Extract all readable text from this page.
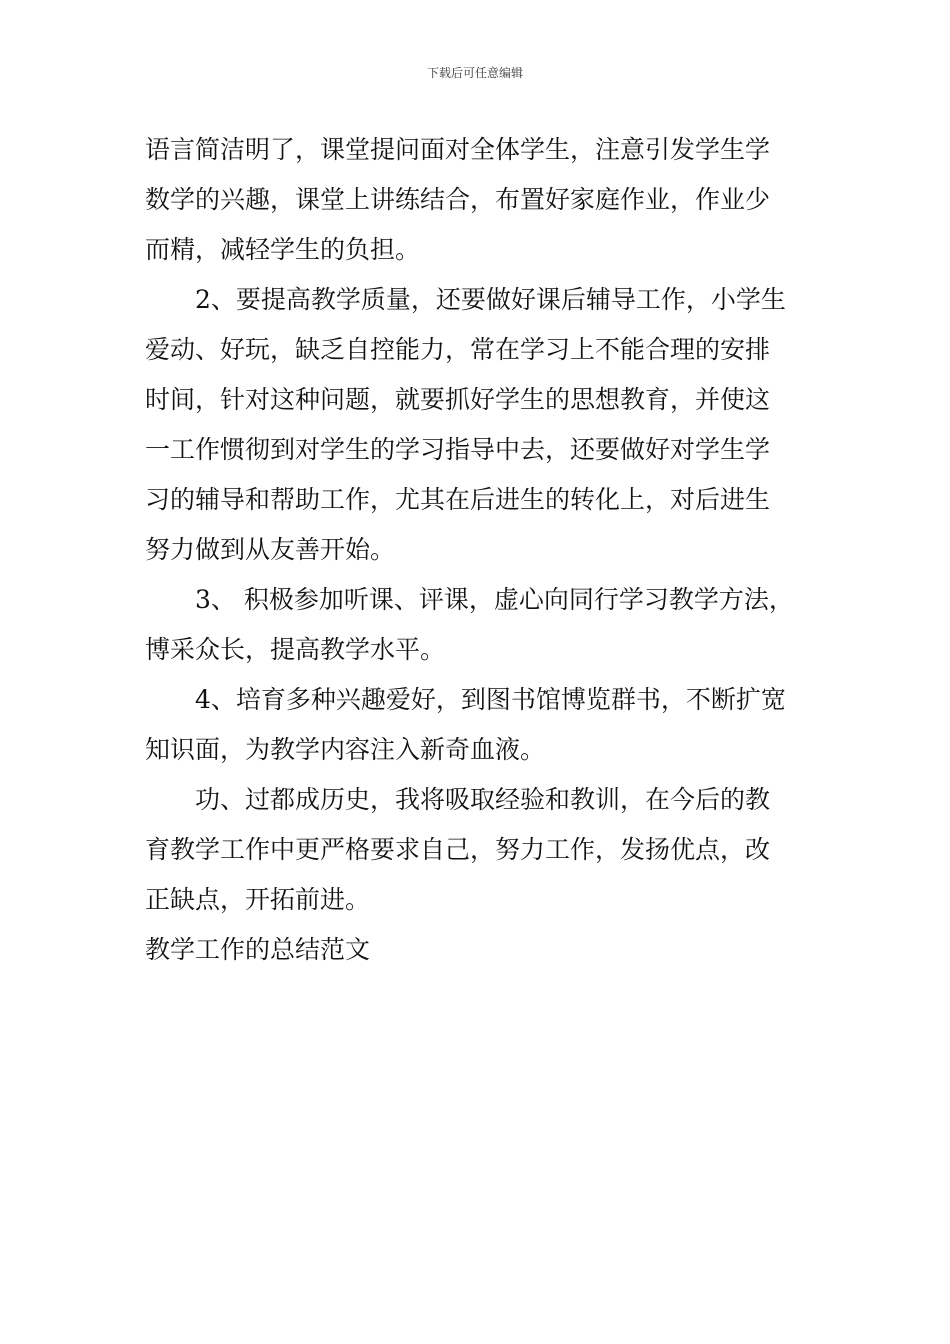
下载后可任意编辑
语言简洁明了，课堂提问面对全体学生，注意引发学生学
数学的兴趣，课堂上讲练结合，布置好家庭作业，作业少
而精，减轻学生的负担。
2、要提高教学质量，还要做好课后辅导工作，小学生
爱动、好玩，缺乏自控能力，常在学习上不能合理的安排
时间，针对这种问题，就要抓好学生的思想教育，并使这
一工作惯彻到对学生的学习指导中去，还要做好对学生学
习的辅导和帮助工作，尤其在后进生的转化上，对后进生
努力做到从友善开始。
3、 积极参加听课、评课，虚心向同行学习教学方法，
博采众长，提高教学水平。
4、培育多种兴趣爱好，到图书馆博览群书，不断扩宽
知识面，为教学内容注入新奇血液。
功、过都成历史，我将吸取经验和教训，在今后的教
育教学工作中更严格要求自己，努力工作，发扬优点，改
正缺点，开拓前进。
教学工作的总结范文
